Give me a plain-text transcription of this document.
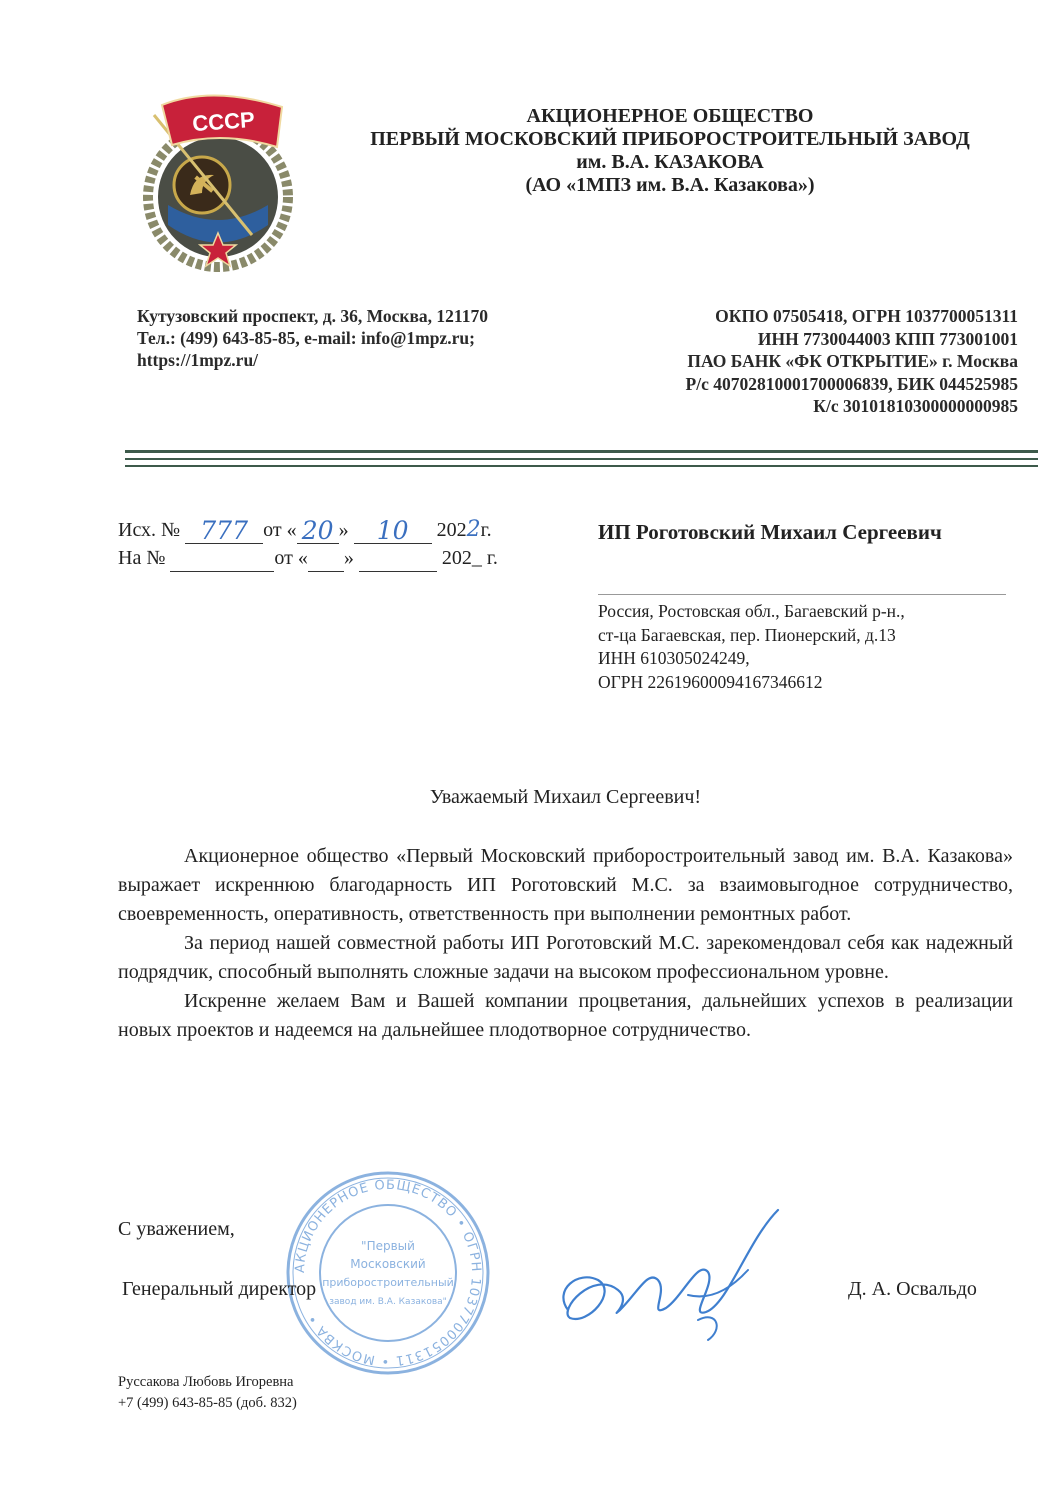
СССР	АКЦИОНЕРНОЕ ОБЩЕСТВО
ПЕРВЫЙ МОСКОВСКИЙ ПРИБОРОСТРОИТЕЛЬНЫЙ ЗАВОД
им. В.А. КАЗАКОВА
(АО «1МПЗ им. В.А. Казакова»)
Кутузовский проспект, д. 36, Москва, 121170
Тел.: (499) 643-85-85, e-mail: info@1mpz.ru;
https://1mpz.ru/
ОКПО 07505418, ОГРН 1037700051311
ИНН 7730044003 КПП 773001001
ПАО БАНК «ФК ОТКРЫТИЕ» г. Москва
Р/с 40702810001700006839, БИК 044525985
К/с 30101810300000000985
Исх. № 777 от « 20 » 10 2022г.
На №	от « »	202_ г.
ИП Роготовский Михаил Сергеевич
Россия, Ростовская обл., Багаевский р-н.,
ст-ца Багаевская, пер. Пионерский, д.13
ИНН 610305024249,
ОГРН 22619600094167346612
Уважаемый Михаил Сергеевич!

Акционерное общество «Первый Московский приборостроительный завод им. В.А. Казакова» выражает искреннюю благодарность ИП Роготовский М.С. за взаимовыгодное сотрудничество, своевременность, оперативность, ответственность при выполнении ремонтных работ.

За период нашей совместной работы ИП Роготовский М.С. зарекомендовал себя как надежный подрядчик, способный выполнять сложные задачи на высоком профессиональном уровне.

Искренне желаем Вам и Вашей компании процветания, дальнейших успехов в реализации новых проектов и надеемся на дальнейшее плодотворное сотрудничество.

С уважением,
Генеральный директор	Д. А. Освальдо
АКЦИОНЕРНОЕ ОБЩЕСТВО • ОГРН 1037700051311 • МОСКВА •
"Первый
Московский
приборостроительный
завод им. В.А. Казакова"
Руссакова Любовь Игоревна
+7 (499) 643-85-85 (доб. 832)
